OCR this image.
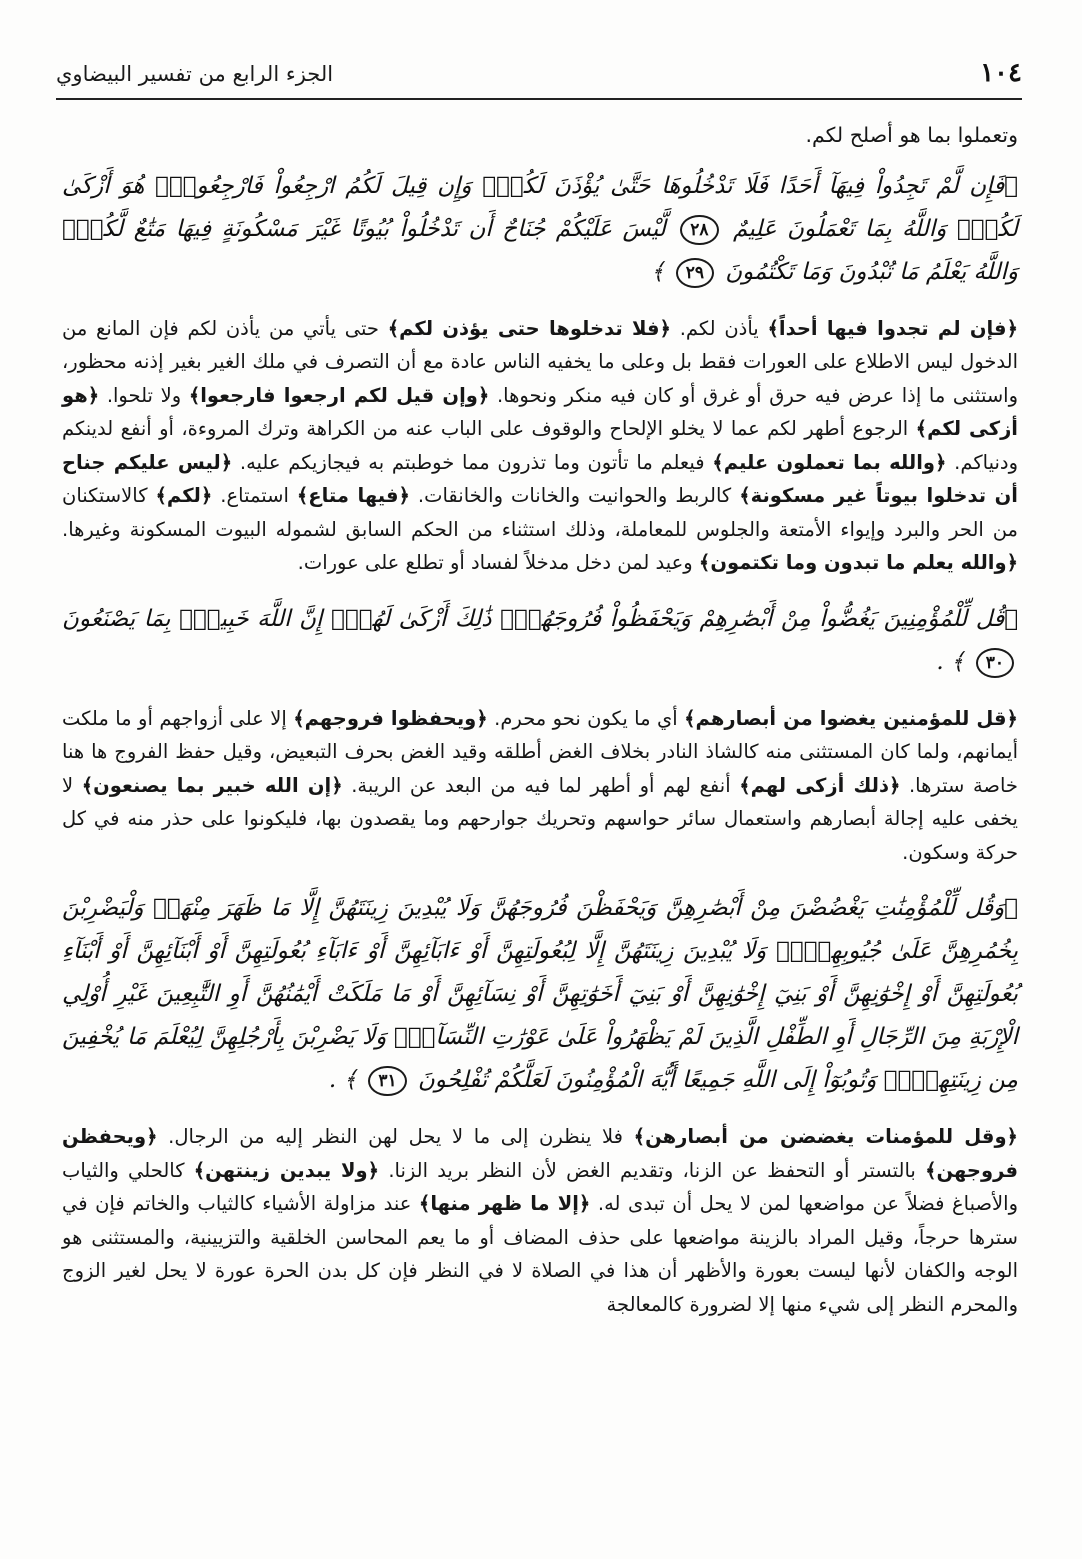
١٠٤
الجزء الرابع من تفسير البيضاوي

وتعملوا بما هو أصلح لكم.

﴿فَإِن لَّمْ تَجِدُواْ فِيهَآ أَحَدًا فَلَا تَدْخُلُوهَا حَتَّىٰ يُؤْذَنَ لَكُمْۖ وَإِن قِيلَ لَكُمُ ارْجِعُواْ فَارْجِعُواْۖ هُوَ أَزْكَىٰ لَكُمْۚ وَاللَّهُ بِمَا تَعْمَلُونَ عَلِيمٌ ٢٨ لَّيْسَ عَلَيْكُمْ جُنَاحٌ أَن تَدْخُلُواْ بُيُوتًا غَيْرَ مَسْكُونَةٍ فِيهَا مَتَٰعٌ لَّكُمْۚ وَاللَّهُ يَعْلَمُ مَا تُبْدُونَ وَمَا تَكْتُمُونَ ٢٩ ﴾

﴿فإن لم تجدوا فيها أحداً﴾ يأذن لكم. ﴿فلا تدخلوها حتى يؤذن لكم﴾ حتى يأتي من يأذن لكم فإن المانع من الدخول ليس الاطلاع على العورات فقط بل وعلى ما يخفيه الناس عادة مع أن التصرف في ملك الغير بغير إذنه محظور، واستثنى ما إذا عرض فيه حرق أو غرق أو كان فيه منكر ونحوها. ﴿وإن قيل لكم ارجعوا فارجعوا﴾ ولا تلحوا. ﴿هو أزكى لكم﴾ الرجوع أطهر لكم عما لا يخلو الإلحاح والوقوف على الباب عنه من الكراهة وترك المروءة، أو أنفع لدينكم ودنياكم. ﴿والله بما تعملون عليم﴾ فيعلم ما تأتون وما تذرون مما خوطبتم به فيجازيكم عليه. ﴿ليس عليكم جناح أن تدخلوا بيوتاً غير مسكونة﴾ كالربط والحوانيت والخانات والخانقات. ﴿فيها متاع﴾ استمتاع. ﴿لكم﴾ كالاستكنان من الحر والبرد وإيواء الأمتعة والجلوس للمعاملة، وذلك استثناء من الحكم السابق لشموله البيوت المسكونة وغيرها. ﴿والله يعلم ما تبدون وما تكتمون﴾ وعيد لمن دخل مدخلاً لفساد أو تطلع على عورات.

﴿قُل لِّلْمُؤْمِنِينَ يَغُضُّواْ مِنْ أَبْصَٰرِهِمْ وَيَحْفَظُواْ فُرُوجَهُمْۚ ذَٰلِكَ أَزْكَىٰ لَهُمْۗ إِنَّ اللَّهَ خَبِيرٌۢ بِمَا يَصْنَعُونَ ٣٠ ﴾ .

﴿قل للمؤمنين يغضوا من أبصارهم﴾ أي ما يكون نحو محرم. ﴿ويحفظوا فروجهم﴾ إلا على أزواجهم أو ما ملكت أيمانهم، ولما كان المستثنى منه كالشاذ النادر بخلاف الغض أطلقه وقيد الغض بحرف التبعيض، وقيل حفظ الفروج ها هنا خاصة سترها. ﴿ذلك أزكى لهم﴾ أنفع لهم أو أطهر لما فيه من البعد عن الريبة. ﴿إن الله خبير بما يصنعون﴾ لا يخفى عليه إجالة أبصارهم واستعمال سائر حواسهم وتحريك جوارحهم وما يقصدون بها، فليكونوا على حذر منه في كل حركة وسكون.

﴿وَقُل لِّلْمُؤْمِنَٰتِ يَغْضُضْنَ مِنْ أَبْصَٰرِهِنَّ وَيَحْفَظْنَ فُرُوجَهُنَّ وَلَا يُبْدِينَ زِينَتَهُنَّ إِلَّا مَا ظَهَرَ مِنْهَاۖ وَلْيَضْرِبْنَ بِخُمُرِهِنَّ عَلَىٰ جُيُوبِهِنَّۖ وَلَا يُبْدِينَ زِينَتَهُنَّ إِلَّا لِبُعُولَتِهِنَّ أَوْ ءَابَآئِهِنَّ أَوْ ءَابَآءِ بُعُولَتِهِنَّ أَوْ أَبْنَآئِهِنَّ أَوْ أَبْنَآءِ بُعُولَتِهِنَّ أَوْ إِخْوَٰنِهِنَّ أَوْ بَنِيٓ إِخْوَٰنِهِنَّ أَوْ بَنِيٓ أَخَوَٰتِهِنَّ أَوْ نِسَآئِهِنَّ أَوْ مَا مَلَكَتْ أَيْمَٰنُهُنَّ أَوِ التَّٰبِعِينَ غَيْرِ أُوْلِي الْإِرْبَةِ مِنَ الرِّجَالِ أَوِ الطِّفْلِ الَّذِينَ لَمْ يَظْهَرُواْ عَلَىٰ عَوْرَٰتِ النِّسَآءِۖ وَلَا يَضْرِبْنَ بِأَرْجُلِهِنَّ لِيُعْلَمَ مَا يُخْفِينَ مِن زِينَتِهِنَّۚ وَتُوبُوٓاْ إِلَى اللَّهِ جَمِيعًا أَيُّهَ الْمُؤْمِنُونَ لَعَلَّكُمْ تُفْلِحُونَ ٣١ ﴾ .

﴿وقل للمؤمنات يغضضن من أبصارهن﴾ فلا ينظرن إلى ما لا يحل لهن النظر إليه من الرجال. ﴿ويحفظن فروجهن﴾ بالتستر أو التحفظ عن الزنا، وتقديم الغض لأن النظر بريد الزنا. ﴿ولا يبدين زينتهن﴾ كالحلي والثياب والأصباغ فضلاً عن مواضعها لمن لا يحل أن تبدى له. ﴿إلا ما ظهر منها﴾ عند مزاولة الأشياء كالثياب والخاتم فإن في سترها حرجاً، وقيل المراد بالزينة مواضعها على حذف المضاف أو ما يعم المحاسن الخلقية والتزيينية، والمستثنى هو الوجه والكفان لأنها ليست بعورة والأظهر أن هذا في الصلاة لا في النظر فإن كل بدن الحرة عورة لا يحل لغير الزوج والمحرم النظر إلى شيء منها إلا لضرورة كالمعالجة
